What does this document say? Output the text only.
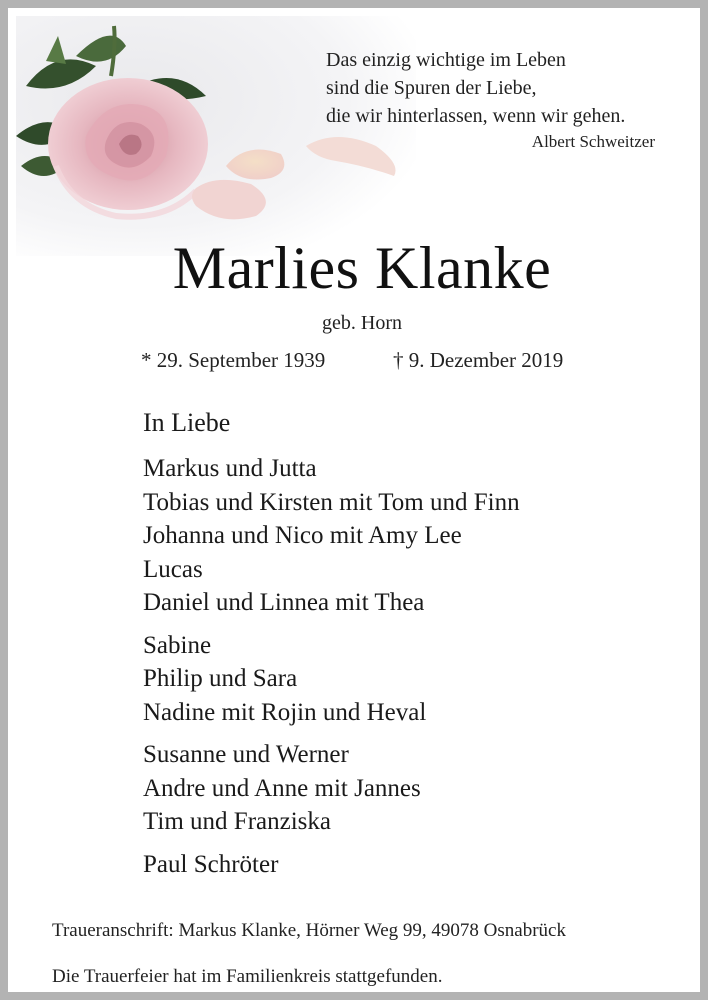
Das einzig wichtige im Leben
sind die Spuren der Liebe,
die wir hinterlassen, wenn wir gehen.
Albert Schweitzer
Marlies Klanke
geb. Horn
* 29. September 1939	† 9. Dezember 2019
In Liebe
Markus und Jutta
Tobias und Kirsten mit Tom und Finn
Johanna und Nico mit Amy Lee
Lucas
Daniel und Linnea mit Thea
Sabine
Philip und Sara
Nadine mit Rojin und Heval
Susanne und Werner
Andre und Anne mit Jannes
Tim und Franziska
Paul Schröter
Traueranschrift: Markus Klanke, Hörner Weg 99, 49078 Osnabrück
Die Trauerfeier hat im Familienkreis stattgefunden.
